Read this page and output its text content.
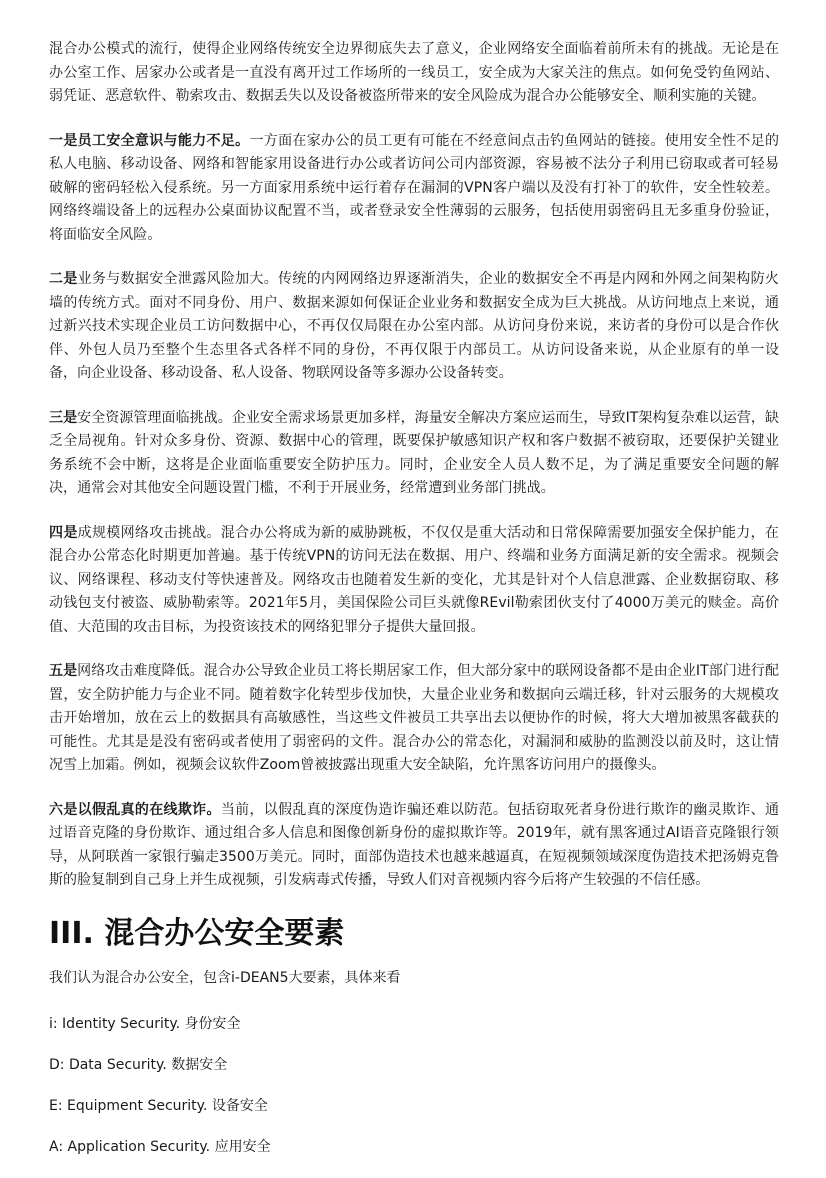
混合办公模式的流行，使得企业网络传统安全边界彻底失去了意义，企业网络安全面临着前所未有的挑战。无论是在办公室工作、居家办公或者是一直没有离开过工作场所的一线员工，安全成为大家关注的焦点。如何免受钓鱼网站、弱凭证、恶意软件、勒索攻击、数据丢失以及设备被盗所带来的安全风险成为混合办公能够安全、顺利实施的关键。

一是员工安全意识与能力不足。一方面在家办公的员工更有可能在不经意间点击钓鱼网站的链接。使用安全性不足的私人电脑、移动设备、网络和智能家用设备进行办公或者访问公司内部资源，容易被不法分子利用已窃取或者可轻易破解的密码轻松入侵系统。另一方面家用系统中运行着存在漏洞的VPN客户端以及没有打补丁的软件，安全性较差。网络终端设备上的远程办公桌面协议配置不当，或者登录安全性薄弱的云服务，包括使用弱密码且无多重身份验证，将面临安全风险。

二是业务与数据安全泄露风险加大。传统的内网网络边界逐渐消失，企业的数据安全不再是内网和外网之间架构防火墙的传统方式。面对不同身份、用户、数据来源如何保证企业业务和数据安全成为巨大挑战。从访问地点上来说，通过新兴技术实现企业员工访问数据中心，不再仅仅局限在办公室内部。从访问身份来说，来访者的身份可以是合作伙伴、外包人员乃至整个生态里各式各样不同的身份，不再仅限于内部员工。从访问设备来说，从企业原有的单一设备，向企业设备、移动设备、私人设备、物联网设备等多源办公设备转变。

三是安全资源管理面临挑战。企业安全需求场景更加多样，海量安全解决方案应运而生，导致IT架构复杂难以运营，缺乏全局视角。针对众多身份、资源、数据中心的管理，既要保护敏感知识产权和客户数据不被窃取，还要保护关键业务系统不会中断，这将是企业面临重要安全防护压力。同时，企业安全人员人数不足，为了满足重要安全问题的解决，通常会对其他安全问题设置门槛，不利于开展业务，经常遭到业务部门挑战。

四是成规模网络攻击挑战。混合办公将成为新的威胁跳板，不仅仅是重大活动和日常保障需要加强安全保护能力，在混合办公常态化时期更加普遍。基于传统VPN的访问无法在数据、用户、终端和业务方面满足新的安全需求。视频会议、网络课程、移动支付等快速普及。网络攻击也随着发生新的变化，尤其是针对个人信息泄露、企业数据窃取、移动钱包支付被盗、威胁勒索等。2021年5月，美国保险公司巨头就像REvil勒索团伙支付了4000万美元的赎金。高价值、大范围的攻击目标，为投资该技术的网络犯罪分子提供大量回报。

五是网络攻击难度降低。混合办公导致企业员工将长期居家工作，但大部分家中的联网设备都不是由企业IT部门进行配置，安全防护能力与企业不同。随着数字化转型步伐加快，大量企业业务和数据向云端迁移，针对云服务的大规模攻击开始增加，放在云上的数据具有高敏感性，当这些文件被员工共享出去以便协作的时候，将大大增加被黑客截获的可能性。尤其是是没有密码或者使用了弱密码的文件。混合办公的常态化，对漏洞和威胁的监测没以前及时，这让情况雪上加霜。例如，视频会议软件Zoom曾被披露出现重大安全缺陷，允许黑客访问用户的摄像头。

六是以假乱真的在线欺诈。当前，以假乱真的深度伪造诈骗还难以防范。包括窃取死者身份进行欺诈的幽灵欺诈、通过语音克隆的身份欺诈、通过组合多人信息和图像创新身份的虚拟欺诈等。2019年，就有黑客通过AI语音克隆银行领导，从阿联酋一家银行骗走3500万美元。同时，面部伪造技术也越来越逼真，在短视频领域深度伪造技术把汤姆克鲁斯的脸复制到自己身上并生成视频，引发病毒式传播，导致人们对音视频内容今后将产生较强的不信任感。

III. 混合办公安全要素

我们认为混合办公安全，包含i-DEAN5大要素，具体来看

i: Identity Security. 身份安全
D: Data Security. 数据安全
E: Equipment Security. 设备安全
A: Application Security. 应用安全
